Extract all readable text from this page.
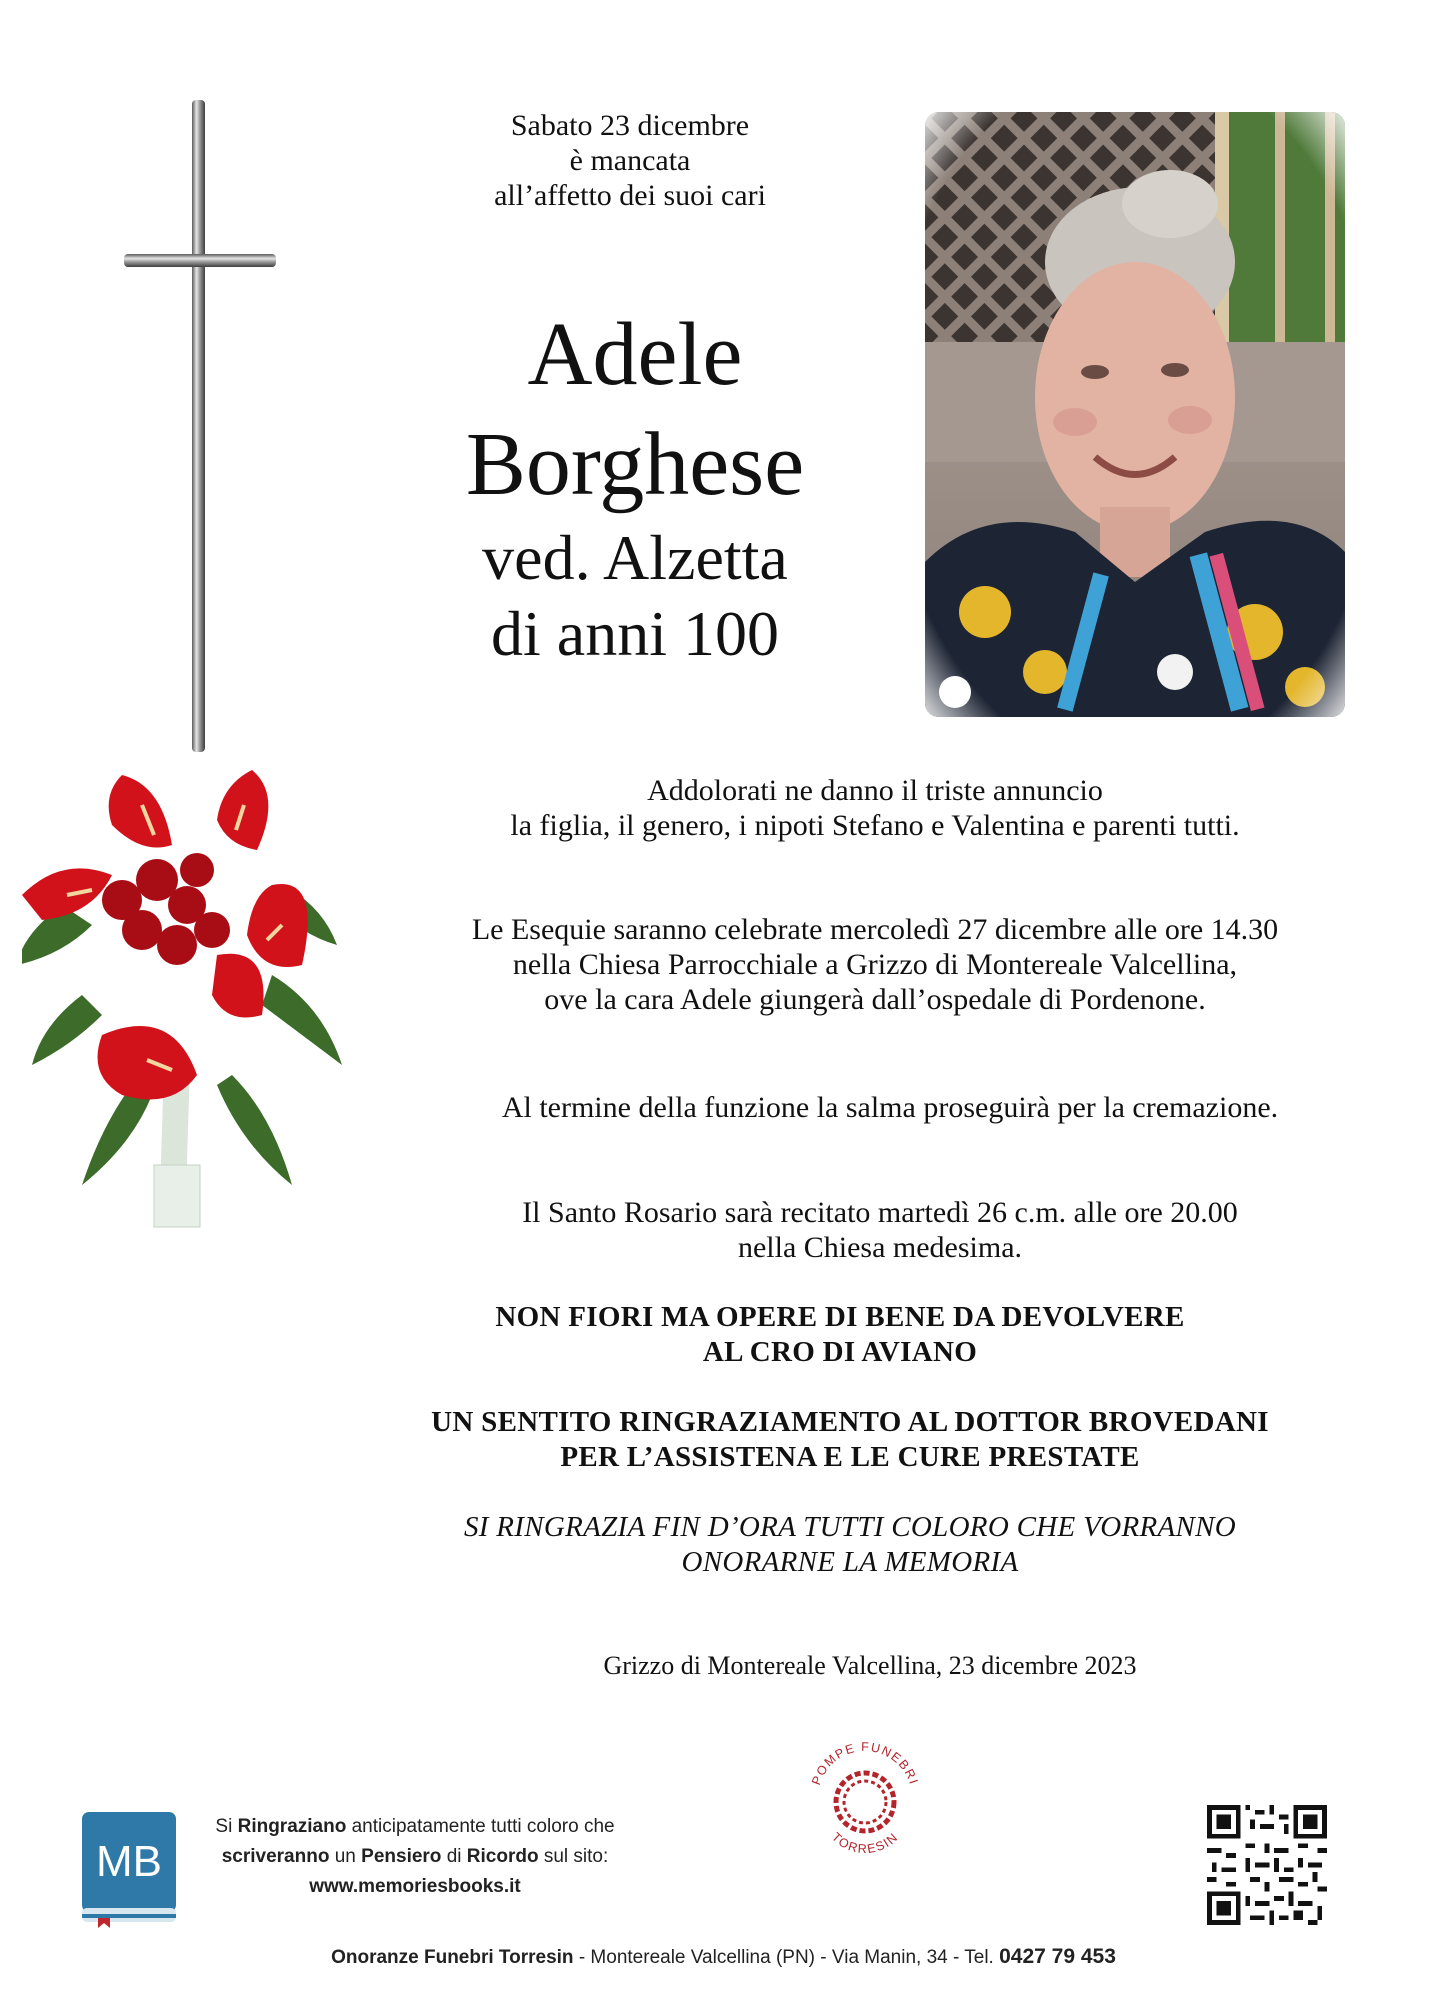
Sabato 23 dicembre
è mancata
all’affetto dei suoi cari
Adele
Borghese
ved. Alzetta
di anni 100
Addolorati ne danno il triste annuncio
la figlia, il genero, i nipoti Stefano e Valentina e parenti tutti.
Le Esequie saranno celebrate mercoledì 27 dicembre alle ore 14.30
nella Chiesa Parrocchiale a Grizzo di Montereale Valcellina,
ove la cara Adele giungerà dall’ospedale di Pordenone.
Al termine della funzione la salma proseguirà per la cremazione.
Il Santo Rosario sarà recitato martedì 26 c.m. alle ore 20.00
nella Chiesa medesima.
NON FIORI MA OPERE DI BENE DA DEVOLVERE
AL CRO DI AVIANO
UN SENTITO RINGRAZIAMENTO AL DOTTOR BROVEDANI
PER L’ASSISTENA E LE CURE PRESTATE
SI RINGRAZIA FIN D’ORA TUTTI COLORO CHE VORRANNO
ONORARNE LA MEMORIA
Grizzo di Montereale Valcellina, 23 dicembre 2023
MB
Si Ringraziano anticipatamente tutti coloro che
scriveranno un Pensiero di Ricordo sul sito:
www.memoriesbooks.it
POMPE FUNEBRI
TORRESIN
Onoranze Funebri Torresin - Montereale Valcellina (PN) - Via Manin, 34 - Tel. 0427 79 453
